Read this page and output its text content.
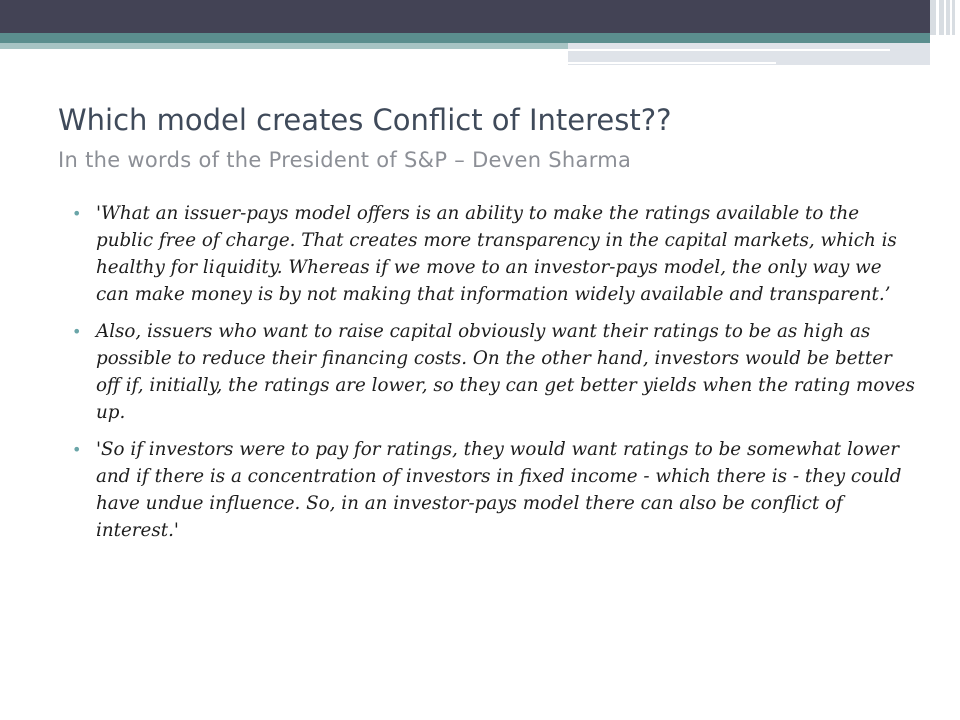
Which model creates Conflict of Interest??
In the words of the President of S&P – Deven Sharma
• 'What an issuer-pays model offers is an ability to make the ratings available to the public free of charge. That creates more transparency in the capital markets, which is healthy for liquidity. Whereas if we move to an investor-pays model, the only way we can make money is by not making that information widely available and transparent.’
• Also, issuers who want to raise capital obviously want their ratings to be as high as possible to reduce their financing costs. On the other hand, investors would be better off if, initially, the ratings are lower, so they can get better yields when the rating moves up.
• 'So if investors were to pay for ratings, they would want ratings to be somewhat lower and if there is a concentration of investors in fixed income - which there is - they could have undue influence. So, in an investor-pays model there can also be conflict of interest.'
